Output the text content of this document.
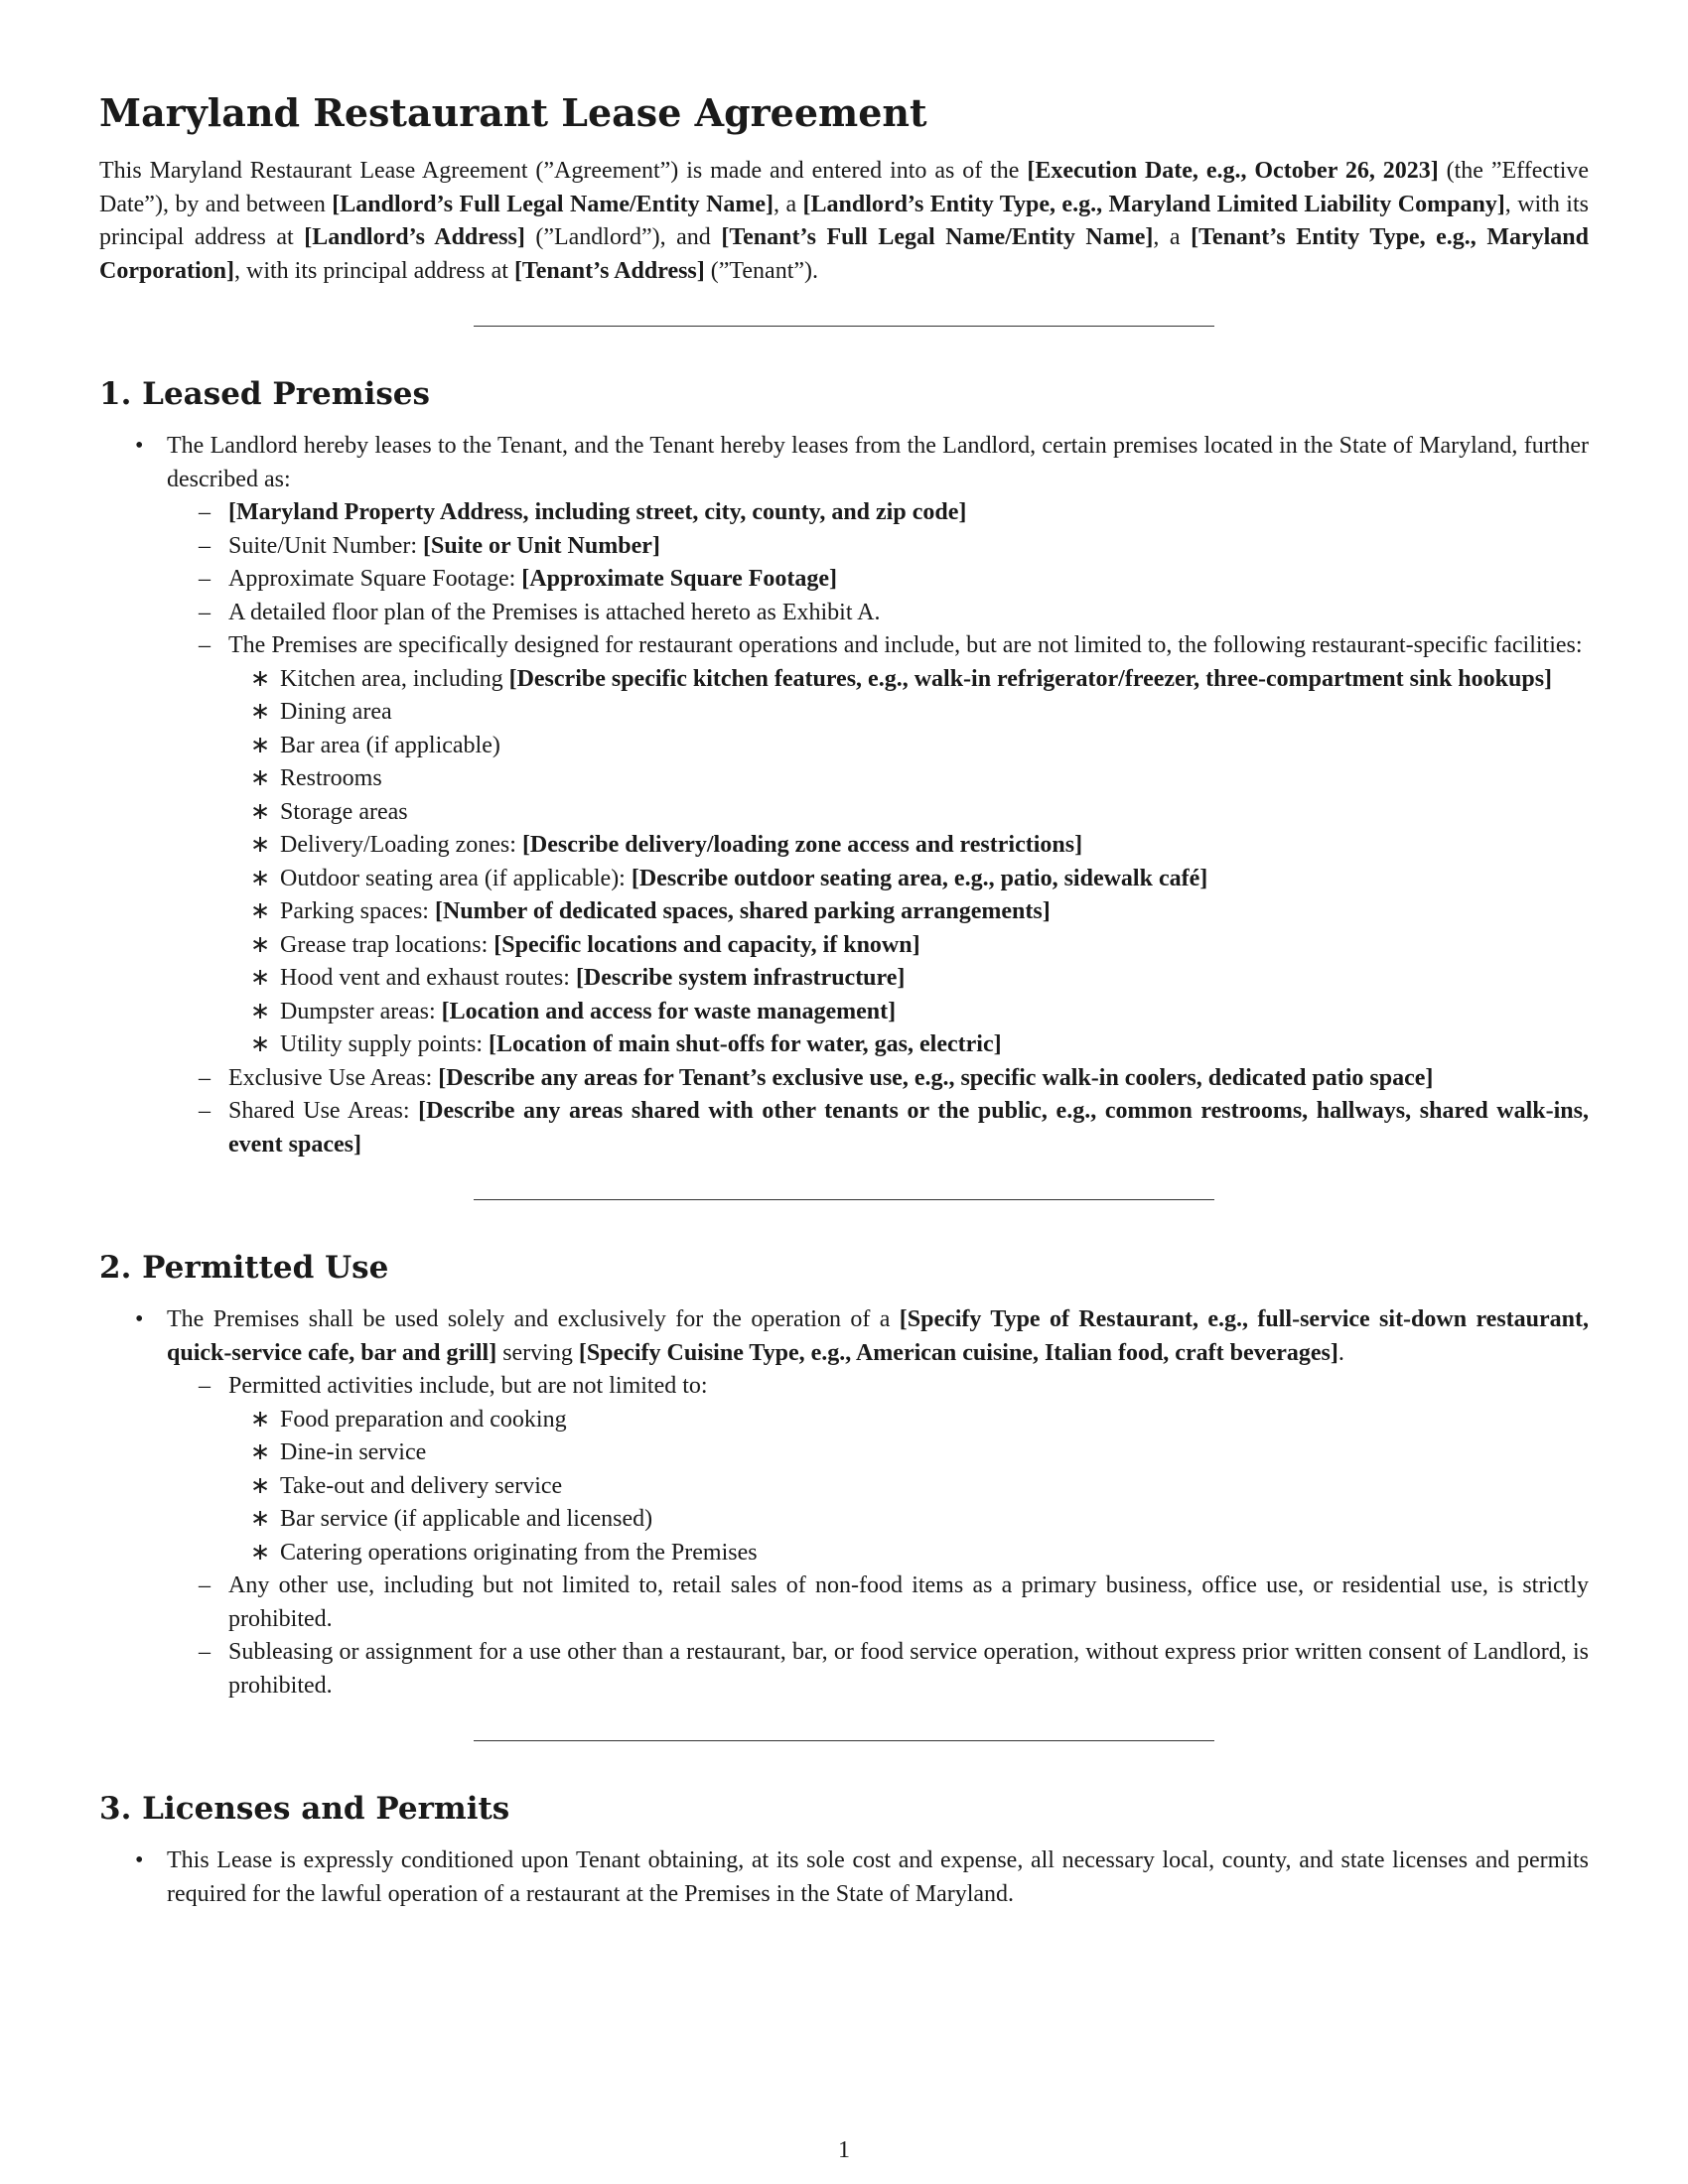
Maryland Restaurant Lease Agreement

This Maryland Restaurant Lease Agreement (”Agreement”) is made and entered into as of the [Execution Date, e.g., October 26, 2023] (the ”Effective Date”), by and between [Landlord’s Full Legal Name/Entity Name], a [Landlord’s Entity Type, e.g., Maryland Limited Liability Company], with its principal address at [Landlord’s Address] (”Landlord”), and [Tenant’s Full Legal Name/Entity Name], a [Tenant’s Entity Type, e.g., Maryland Corporation], with its principal address at [Tenant’s Address] (”Tenant”).

1. Leased Premises
• The Landlord hereby leases to the Tenant, and the Tenant hereby leases from the Landlord, certain premises located in the State of Maryland, further described as:
– [Maryland Property Address, including street, city, county, and zip code]
– Suite/Unit Number: [Suite or Unit Number]
– Approximate Square Footage: [Approximate Square Footage]
– A detailed floor plan of the Premises is attached hereto as Exhibit A.
– The Premises are specifically designed for restaurant operations and include, but are not limited to, the following restaurant-specific facilities:
∗ Kitchen area, including [Describe specific kitchen features, e.g., walk-in refrigerator/freezer, three-compartment sink hookups]
∗ Dining area
∗ Bar area (if applicable)
∗ Restrooms
∗ Storage areas
∗ Delivery/Loading zones: [Describe delivery/loading zone access and restrictions]
∗ Outdoor seating area (if applicable): [Describe outdoor seating area, e.g., patio, sidewalk café]
∗ Parking spaces: [Number of dedicated spaces, shared parking arrangements]
∗ Grease trap locations: [Specific locations and capacity, if known]
∗ Hood vent and exhaust routes: [Describe system infrastructure]
∗ Dumpster areas: [Location and access for waste management]
∗ Utility supply points: [Location of main shut-offs for water, gas, electric]
– Exclusive Use Areas: [Describe any areas for Tenant’s exclusive use, e.g., specific walk-in coolers, dedicated patio space]
– Shared Use Areas: [Describe any areas shared with other tenants or the public, e.g., common restrooms, hallways, shared walk-ins, event spaces]
2. Permitted Use
• The Premises shall be used solely and exclusively for the operation of a [Specify Type of Restaurant, e.g., full-service sit-down restaurant, quick-service cafe, bar and grill] serving [Specify Cuisine Type, e.g., American cuisine, Italian food, craft beverages].
– Permitted activities include, but are not limited to:
∗ Food preparation and cooking
∗ Dine-in service
∗ Take-out and delivery service
∗ Bar service (if applicable and licensed)
∗ Catering operations originating from the Premises
– Any other use, including but not limited to, retail sales of non-food items as a primary business, office use, or residential use, is strictly prohibited.
– Subleasing or assignment for a use other than a restaurant, bar, or food service operation, without express prior written consent of Landlord, is prohibited.
3. Licenses and Permits
• This Lease is expressly conditioned upon Tenant obtaining, at its sole cost and expense, all necessary local, county, and state licenses and permits required for the lawful operation of a restaurant at the Premises in the State of Maryland.
1
